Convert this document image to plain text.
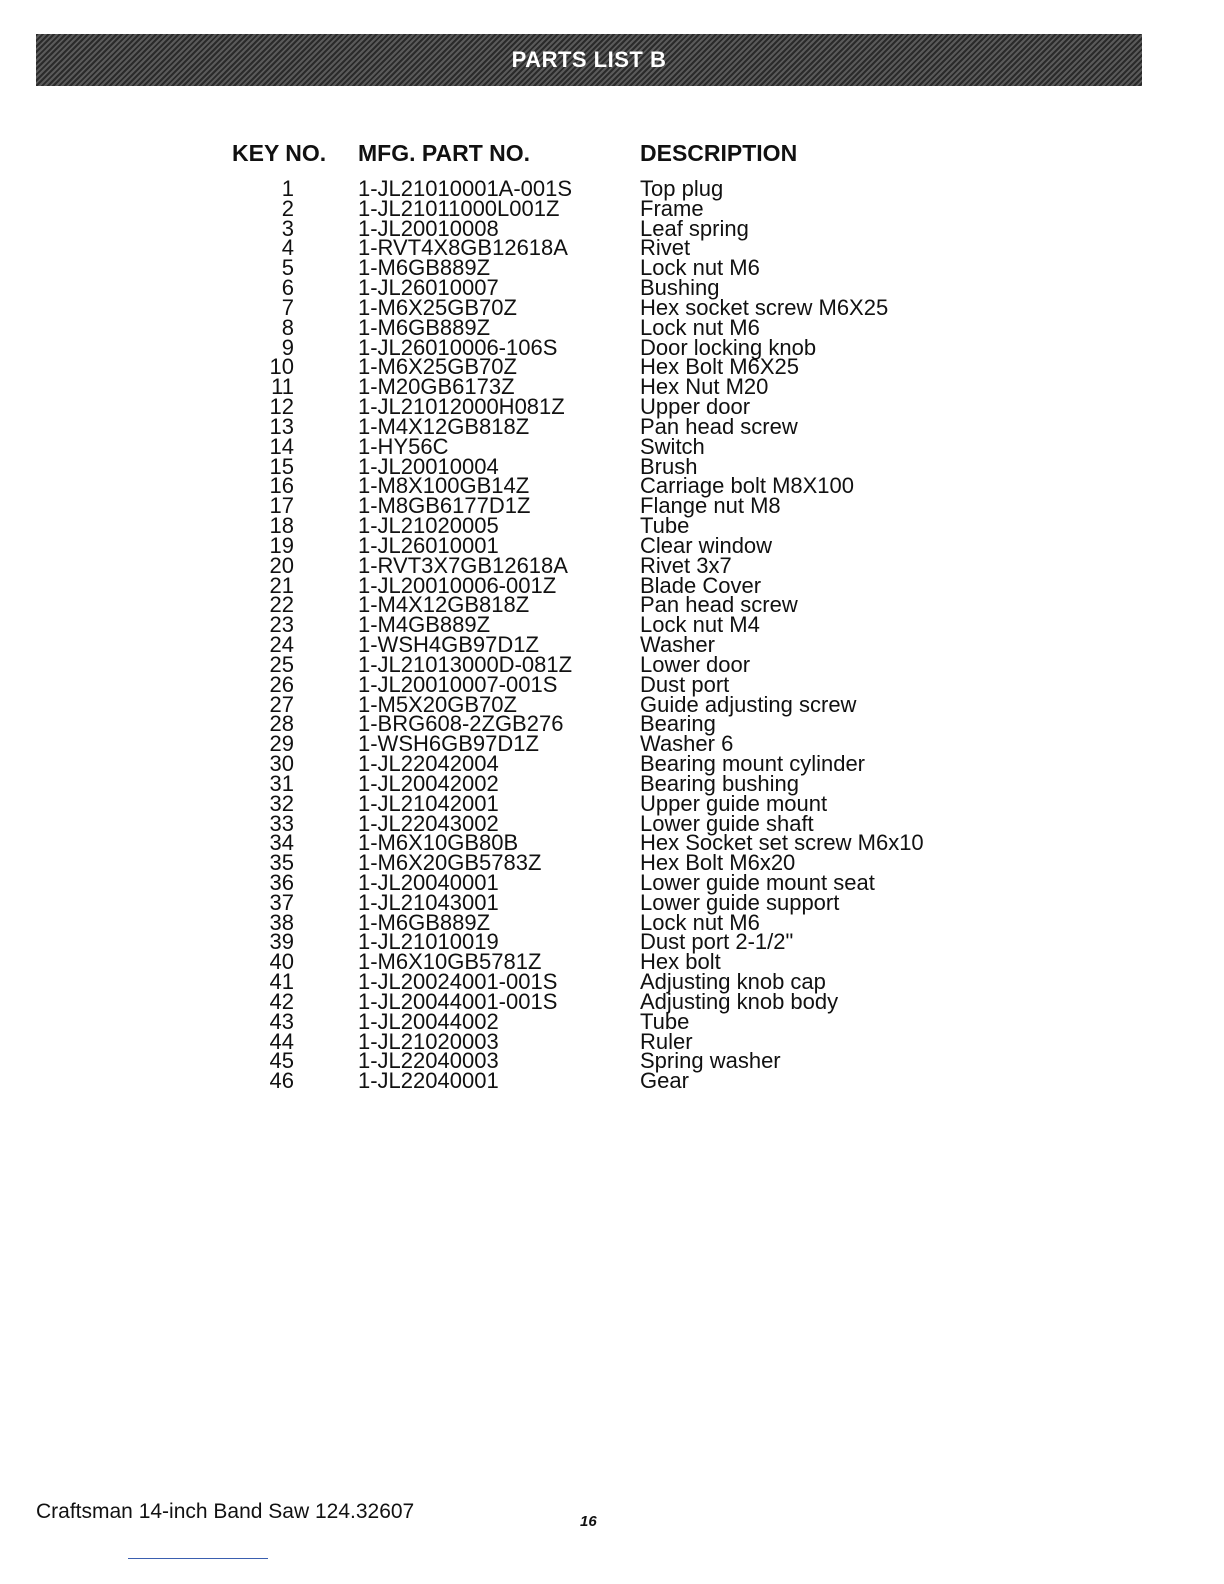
PARTS LIST B
KEY NO. MFG. PART NO.	DESCRIPTION
1	1-JL21010001A-001S	Top plug
2	1-JL21011000L001Z	Frame
3	1-JL20010008	Leaf spring
4	1-RVT4X8GB12618A	Rivet
5	1-M6GB889Z	Lock nut M6
6	1-JL26010007	Bushing
7	1-M6X25GB70Z	Hex socket screw M6X25
8	1-M6GB889Z	Lock nut M6
9	1-JL26010006-106S	Door locking knob
10	1-M6X25GB70Z	Hex Bolt M6X25
11	1-M20GB6173Z	Hex Nut M20
12	1-JL21012000H081Z	Upper door
13	1-M4X12GB818Z	Pan head screw
14	1-HY56C	Switch
15	1-JL20010004	Brush
16	1-M8X100GB14Z	Carriage bolt M8X100
17	1-M8GB6177D1Z	Flange nut M8
18	1-JL21020005	Tube
19	1-JL26010001	Clear window
20	1-RVT3X7GB12618A	Rivet 3x7
21	1-JL20010006-001Z	Blade Cover
22	1-M4X12GB818Z	Pan head screw
23	1-M4GB889Z	Lock nut M4
24	1-WSH4GB97D1Z	Washer
25	1-JL21013000D-081Z	Lower door
26	1-JL20010007-001S	Dust port
27	1-M5X20GB70Z	Guide adjusting screw
28	1-BRG608-2ZGB276	Bearing
29	1-WSH6GB97D1Z	Washer 6
30	1-JL22042004	Bearing mount cylinder
31	1-JL20042002	Bearing bushing
32	1-JL21042001	Upper guide mount
33	1-JL22043002	Lower guide shaft
34	1-M6X10GB80B	Hex Socket set screw M6x10
35	1-M6X20GB5783Z	Hex Bolt M6x20
36	1-JL20040001	Lower guide mount seat
37	1-JL21043001	Lower guide support
38	1-M6GB889Z	Lock nut M6
39	1-JL21010019	Dust port 2-1/2"
40	1-M6X10GB5781Z	Hex bolt
41	1-JL20024001-001S	Adjusting knob cap
42	1-JL20044001-001S	Adjusting knob body
43	1-JL20044002	Tube
44	1-JL21020003	Ruler
45	1-JL22040003	Spring washer
46	1-JL22040001	Gear
Craftsman 14-inch Band Saw 124.32607	16
